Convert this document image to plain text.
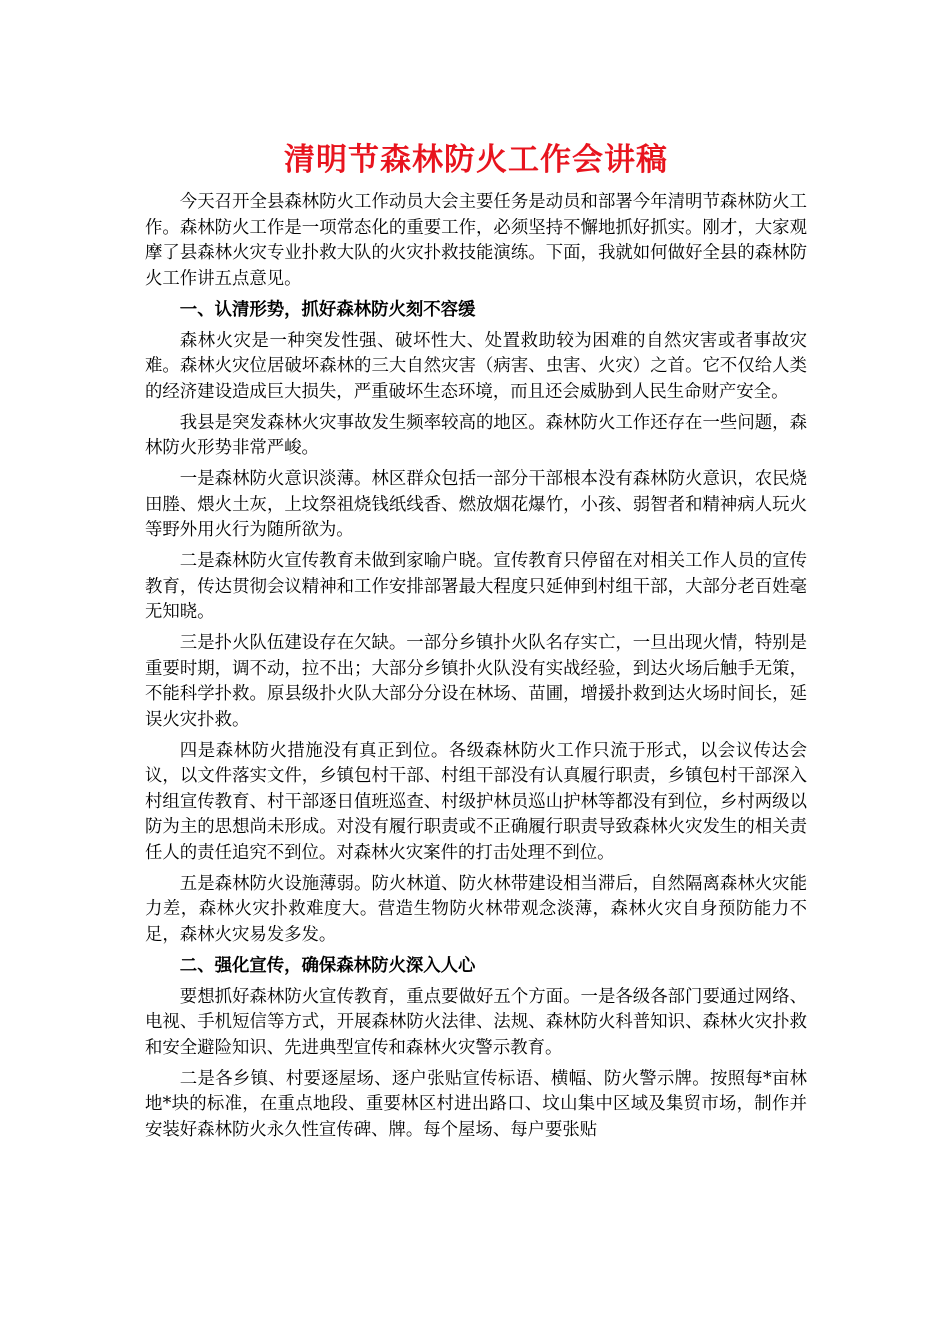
清明节森林防火工作会讲稿

今天召开全县森林防火工作动员大会主要任务是动员和部署今年清明节森林防火工作。森林防火工作是一项常态化的重要工作，必须坚持不懈地抓好抓实。刚才，大家观摩了县森林火灾专业扑救大队的火灾扑救技能演练。下面，我就如何做好全县的森林防火工作讲五点意见。

一、认清形势，抓好森林防火刻不容缓

森林火灾是一种突发性强、破坏性大、处置救助较为困难的自然灾害或者事故灾难。森林火灾位居破坏森林的三大自然灾害（病害、虫害、火灾）之首。它不仅给人类的经济建设造成巨大损失，严重破坏生态环境，而且还会威胁到人民生命财产安全。

我县是突发森林火灾事故发生频率较高的地区。森林防火工作还存在一些问题，森林防火形势非常严峻。

一是森林防火意识淡薄。林区群众包括一部分干部根本没有森林防火意识，农民烧田塍、煨火土灰，上坟祭祖烧钱纸线香、燃放烟花爆竹，小孩、弱智者和精神病人玩火等野外用火行为随所欲为。

二是森林防火宣传教育未做到家喻户晓。宣传教育只停留在对相关工作人员的宣传教育，传达贯彻会议精神和工作安排部署最大程度只延伸到村组干部，大部分老百姓毫无知晓。

三是扑火队伍建设存在欠缺。一部分乡镇扑火队名存实亡，一旦出现火情，特别是重要时期，调不动，拉不出；大部分乡镇扑火队没有实战经验，到达火场后触手无策，不能科学扑救。原县级扑火队大部分分设在林场、苗圃，增援扑救到达火场时间长，延误火灾扑救。

四是森林防火措施没有真正到位。各级森林防火工作只流于形式，以会议传达会议，以文件落实文件，乡镇包村干部、村组干部没有认真履行职责，乡镇包村干部深入村组宣传教育、村干部逐日值班巡查、村级护林员巡山护林等都没有到位，乡村两级以防为主的思想尚未形成。对没有履行职责或不正确履行职责导致森林火灾发生的相关责任人的责任追究不到位。对森林火灾案件的打击处理不到位。

五是森林防火设施薄弱。防火林道、防火林带建设相当滞后，自然隔离森林火灾能力差，森林火灾扑救难度大。营造生物防火林带观念淡薄，森林火灾自身预防能力不足，森林火灾易发多发。

二、强化宣传，确保森林防火深入人心

要想抓好森林防火宣传教育，重点要做好五个方面。一是各级各部门要通过网络、电视、手机短信等方式，开展森林防火法律、法规、森林防火科普知识、森林火灾扑救和安全避险知识、先进典型宣传和森林火灾警示教育。

二是各乡镇、村要逐屋场、逐户张贴宣传标语、横幅、防火警示牌。按照每*亩林地*块的标准，在重点地段、重要林区村进出路口、坟山集中区域及集贸市场，制作并安装好森林防火永久性宣传碑、牌。每个屋场、每户要张贴
